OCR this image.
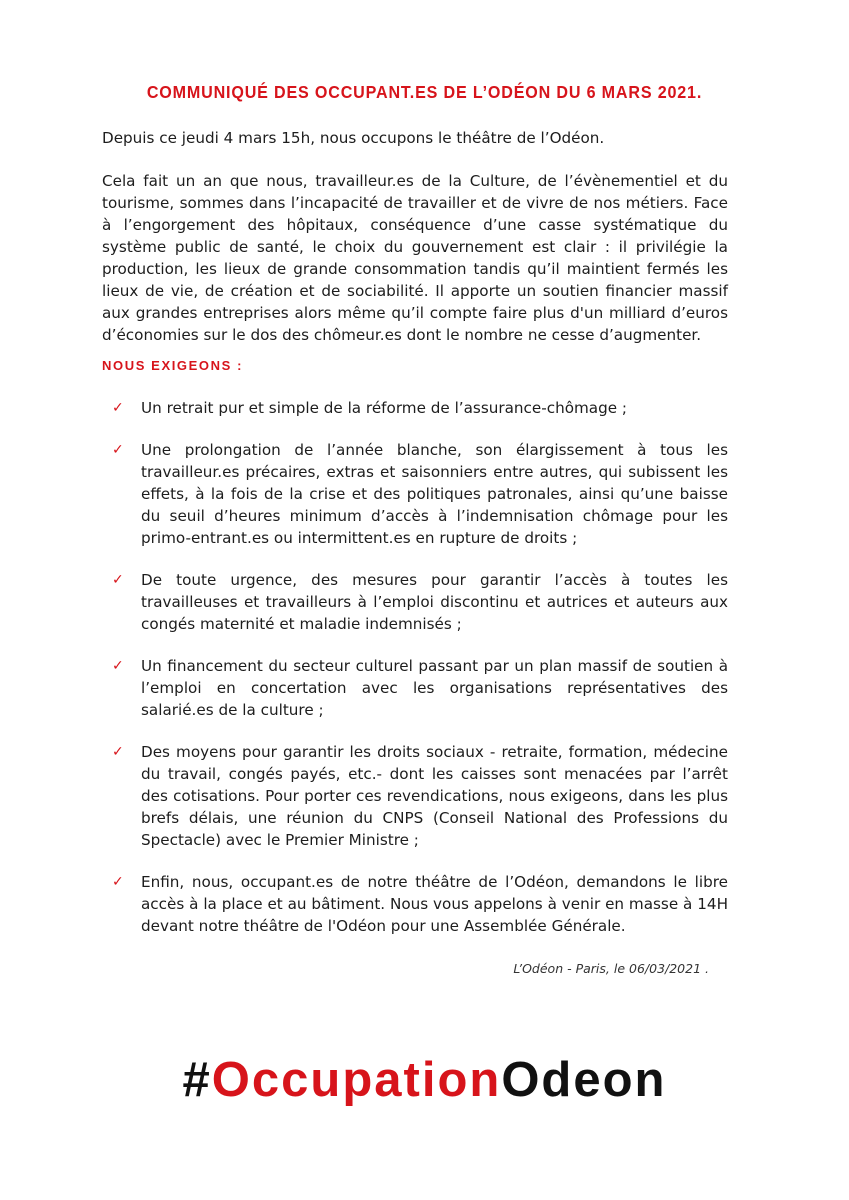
COMMUNIQUÉ DES OCCUPANT.ES DE L’ODÉON DU 6 MARS 2021.

Depuis ce jeudi 4 mars 15h, nous occupons le théâtre de l’Odéon.

Cela fait un an que nous, travailleur.es de la Culture, de l’évènementiel et du tourisme, sommes dans l’incapacité de travailler et de vivre de nos métiers. Face à l’engorgement des hôpitaux, conséquence d’une casse systématique du système public de santé, le choix du gouvernement est clair : il privilégie la production, les lieux de grande consommation tandis qu’il maintient fermés les lieux de vie, de création et de sociabilité. Il apporte un soutien financier massif aux grandes entreprises alors même qu’il compte faire plus d'un milliard d’euros d’économies sur le dos des chômeur.es dont le nombre ne cesse d’augmenter.

NOUS EXIGEONS :
✓ Un retrait pur et simple de la réforme de l’assurance-chômage ;
✓ Une prolongation de l’année blanche, son élargissement à tous les travailleur.es précaires, extras et saisonniers entre autres, qui subissent les effets, à la fois de la crise et des politiques patronales, ainsi qu’une baisse du seuil d’heures minimum d’accès à l’indemnisation chômage pour les primo-entrant.es ou intermittent.es en rupture de droits ;
✓ De toute urgence, des mesures pour garantir l’accès à toutes les travailleuses et travailleurs à l’emploi discontinu et autrices et auteurs aux congés maternité et maladie indemnisés ;
✓ Un financement du secteur culturel passant par un plan massif de soutien à l’emploi en concertation avec les organisations représentatives des salarié.es de la culture ;
✓ Des moyens pour garantir les droits sociaux - retraite, formation, médecine du travail, congés payés, etc.- dont les caisses sont menacées par l’arrêt des cotisations. Pour porter ces revendications, nous exigeons, dans les plus brefs délais, une réunion du CNPS (Conseil National des Professions du Spectacle) avec le Premier Ministre ;
✓ Enfin, nous, occupant.es de notre théâtre de l’Odéon, demandons le libre accès à la place et au bâtiment. Nous vous appelons à venir en masse à 14H devant notre théâtre de l'Odéon pour une Assemblée Générale.
L’Odéon - Paris, le 06/03/2021 .
#OccupationOdeon
